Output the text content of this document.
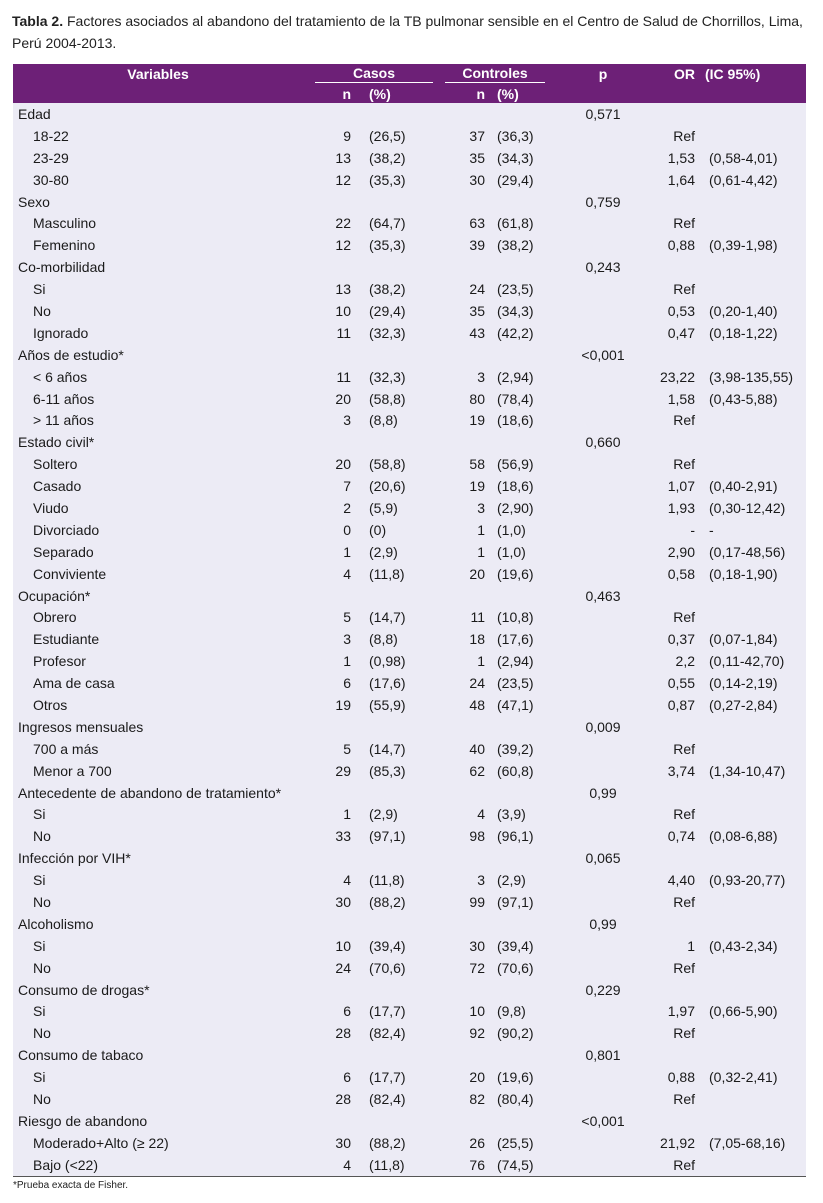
Tabla 2. Factores asociados al abandono del tratamiento de la TB pulmonar sensible en el Centro de Salud de Chorrillos, Lima, Perú 2004-2013.
Variables	Casos		Controles		p	OR	(IC 95%)
	n	(%)	n	(%)			
Edad					0,571		
18-22	9	(26,5)	37	(36,3)		Ref	
23-29	13	(38,2)	35	(34,3)		1,53	(0,58-4,01)
30-80	12	(35,3)	30	(29,4)		1,64	(0,61-4,42)
Sexo					0,759		
Masculino	22	(64,7)	63	(61,8)		Ref	
Femenino	12	(35,3)	39	(38,2)		0,88	(0,39-1,98)
Co-morbilidad					0,243		
Si	13	(38,2)	24	(23,5)		Ref	
No	10	(29,4)	35	(34,3)		0,53	(0,20-1,40)
Ignorado	11	(32,3)	43	(42,2)		0,47	(0,18-1,22)
Años de estudio*					<0,001		
< 6 años	11	(32,3)	3	(2,94)		23,22	(3,98-135,55)
6-11 años	20	(58,8)	80	(78,4)		1,58	(0,43-5,88)
> 11 años	3	(8,8)	19	(18,6)		Ref	
Estado civil*					0,660		
Soltero	20	(58,8)	58	(56,9)		Ref	
Casado	7	(20,6)	19	(18,6)		1,07	(0,40-2,91)
Viudo	2	(5,9)	3	(2,90)		1,93	(0,30-12,42)
Divorciado	0	(0)	1	(1,0)		-	-
Separado	1	(2,9)	1	(1,0)		2,90	(0,17-48,56)
Conviviente	4	(11,8)	20	(19,6)		0,58	(0,18-1,90)
Ocupación*					0,463		
Obrero	5	(14,7)	11	(10,8)		Ref	
Estudiante	3	(8,8)	18	(17,6)		0,37	(0,07-1,84)
Profesor	1	(0,98)	1	(2,94)		2,2	(0,11-42,70)
Ama de casa	6	(17,6)	24	(23,5)		0,55	(0,14-2,19)
Otros	19	(55,9)	48	(47,1)		0,87	(0,27-2,84)
Ingresos mensuales					0,009		
700 a más	5	(14,7)	40	(39,2)		Ref	
Menor a 700	29	(85,3)	62	(60,8)		3,74	(1,34-10,47)
Antecedente de abandono de tratamiento*					0,99		
Si	1	(2,9)	4	(3,9)		Ref	
No	33	(97,1)	98	(96,1)		0,74	(0,08-6,88)
Infección por VIH*					0,065		
Si	4	(11,8)	3	(2,9)		4,40	(0,93-20,77)
No	30	(88,2)	99	(97,1)		Ref	
Alcoholismo					0,99		
Si	10	(39,4)	30	(39,4)		1	(0,43-2,34)
No	24	(70,6)	72	(70,6)		Ref	
Consumo de drogas*					0,229		
Si	6	(17,7)	10	(9,8)		1,97	(0,66-5,90)
No	28	(82,4)	92	(90,2)		Ref	
Consumo de tabaco					0,801		
Si	6	(17,7)	20	(19,6)		0,88	(0,32-2,41)
No	28	(82,4)	82	(80,4)		Ref	
Riesgo de abandono					<0,001		
Moderado+Alto (≥ 22)	30	(88,2)	26	(25,5)		21,92	(7,05-68,16)
Bajo (<22)	4	(11,8)	76	(74,5)		Ref	
*Prueba exacta de Fisher.
